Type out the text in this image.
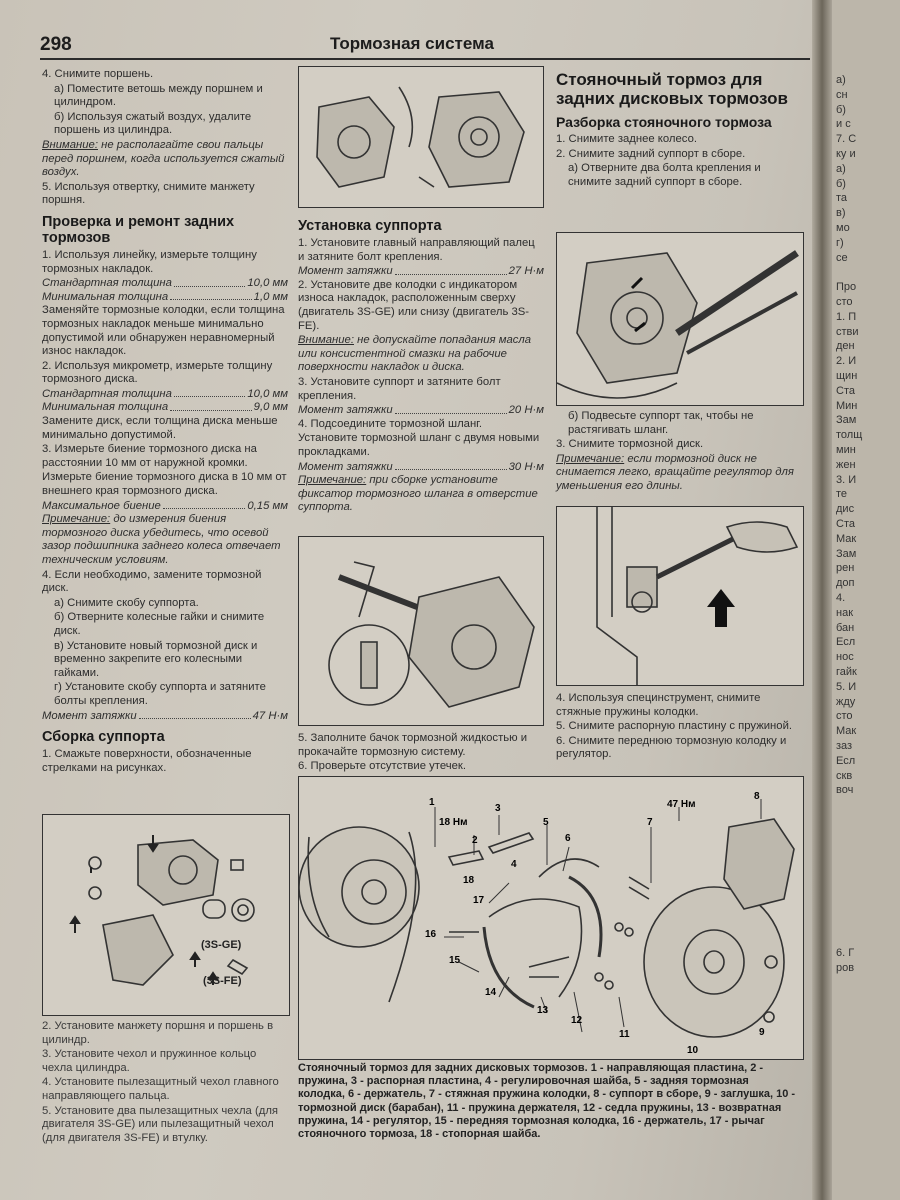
298	Тормозная система

4. Снимите поршень.

а) Поместите ветошь между поршнем и цилиндром.

б) Используя сжатый воздух, удалите поршень из цилиндра.

Внимание: не располагайте свои пальцы перед поршнем, когда используется сжатый воздух.

5. Используя отвертку, снимите манжету поршня.

Проверка и ремонт задних тормозов

1. Используя линейку, измерьте толщину тормозных накладок.

Стандартная толщина	10,0 мм
Минимальная толщина	1,0 мм

Заменяйте тормозные колодки, если толщина тормозных накладок меньше минимально допустимой или обнаружен неравномерный износ накладок.

2. Используя микрометр, измерьте толщину тормозного диска.

Стандартная толщина	10,0 мм
Минимальная толщина	9,0 мм

Замените диск, если толщина диска меньше минимально допустимой.

3. Измерьте биение тормозного диска на расстоянии 10 мм от наружной кромки.

Измерьте биение тормозного диска в 10 мм от внешнего края тормозного диска.

Максимальное биение	0,15 мм

Примечание: до измерения биения тормозного диска убедитесь, что осевой зазор подшипника заднего колеса отвечает техническим условиям.

4. Если необходимо, замените тормозной диск.

а) Снимите скобу суппорта.

б) Отверните колесные гайки и снимите диск.

в) Установите новый тормозной диск и временно закрепите его колесными гайками.

г) Установите скобу суппорта и затяните болты крепления.

Момент затяжки	47 Н·м
Сборка суппорта

1. Смажьте поверхности, обозначенные стрелками на рисунках.

(3S-GE)
(3S-FE)

2. Установите манжету поршня и поршень в цилиндр.

3. Установите чехол и пружинное кольцо чехла цилиндра.

4. Установите пылезащитный чехол главного направляющего пальца.

5. Установите два пылезащитных чехла (для двигателя 3S-GE) или пылезащитный чехол (для двигателя 3S-FE) и втулку.

Установка суппорта

1. Установите главный направляющий палец и затяните болт крепления.

Момент затяжки	27 Н·м

2. Установите две колодки с индикатором износа накладок, расположенным сверху (двигатель 3S-GE) или снизу (двигатель 3S-FE).

Внимание: не допускайте попадания масла или консистентной смазки на рабочие поверхности накладок и диска.

3. Установите суппорт и затяните болт крепления.

Момент затяжки	20 Н·м

4. Подсоедините тормозной шланг.

Установите тормозной шланг с двумя новыми прокладками.

Момент затяжки	30 Н·м

Примечание: при сборке установите фиксатор тормозного шланга в отверстие суппорта.

5. Заполните бачок тормозной жидкостью и прокачайте тормозную систему.

6. Проверьте отсутствие утечек.

Стояночный тормоз для задних дисковых тормозов
Разборка стояночного тормоза

1. Снимите заднее колесо.

2. Снимите задний суппорт в сборе.

а) Отверните два болта крепления и снимите задний суппорт в сборе.

б) Подвесьте суппорт так, чтобы не растягивать шланг.

3. Снимите тормозной диск.

Примечание: если тормозной диск не снимается легко, вращайте регулятор для уменьшения его длины.

4. Используя специнструмент, снимите стяжные пружины колодки.

5. Снимите распорную пластину с пружиной.

6. Снимите переднюю тормозную колодку и регулятор.

1
2
3
4
5
6
7
8
9
10
11
12
13
14
15
16
17
18
18 Нм
47 Нм
Стояночный тормоз для задних дисковых тормозов. 1 - направляющая пластина, 2 - пружина, 3 - распорная пластина, 4 - регулировочная шайба, 5 - задняя тормозная колодка, 6 - держатель, 7 - стяжная пружина колодки, 8 - суппорт в сборе, 9 - заглушка, 10 - тормозной диск (барабан), 11 - пружина держателя, 12 - седла пружины, 13 - возвратная пружина, 14 - регулятор, 15 - передняя тормозная колодка, 16 - держатель, 17 - рычаг стояночного тормоза, 18 - стопорная шайба.
а)
сн
б)
и с
7. С
ку и
а)
б)
та
в)
мо
г)
се
Про
сто
1. П
стви
ден
2. И
щин
Ста
Мин
Зам
толщ
мин
жен
3. И
те
дис
Ста
Мак
Зам
рен
доп
4.
нак
бан
Есл
нос
гайк
5. И
жду
сто
Мак
заз
Есл
скв
воч
6. Г
ров
